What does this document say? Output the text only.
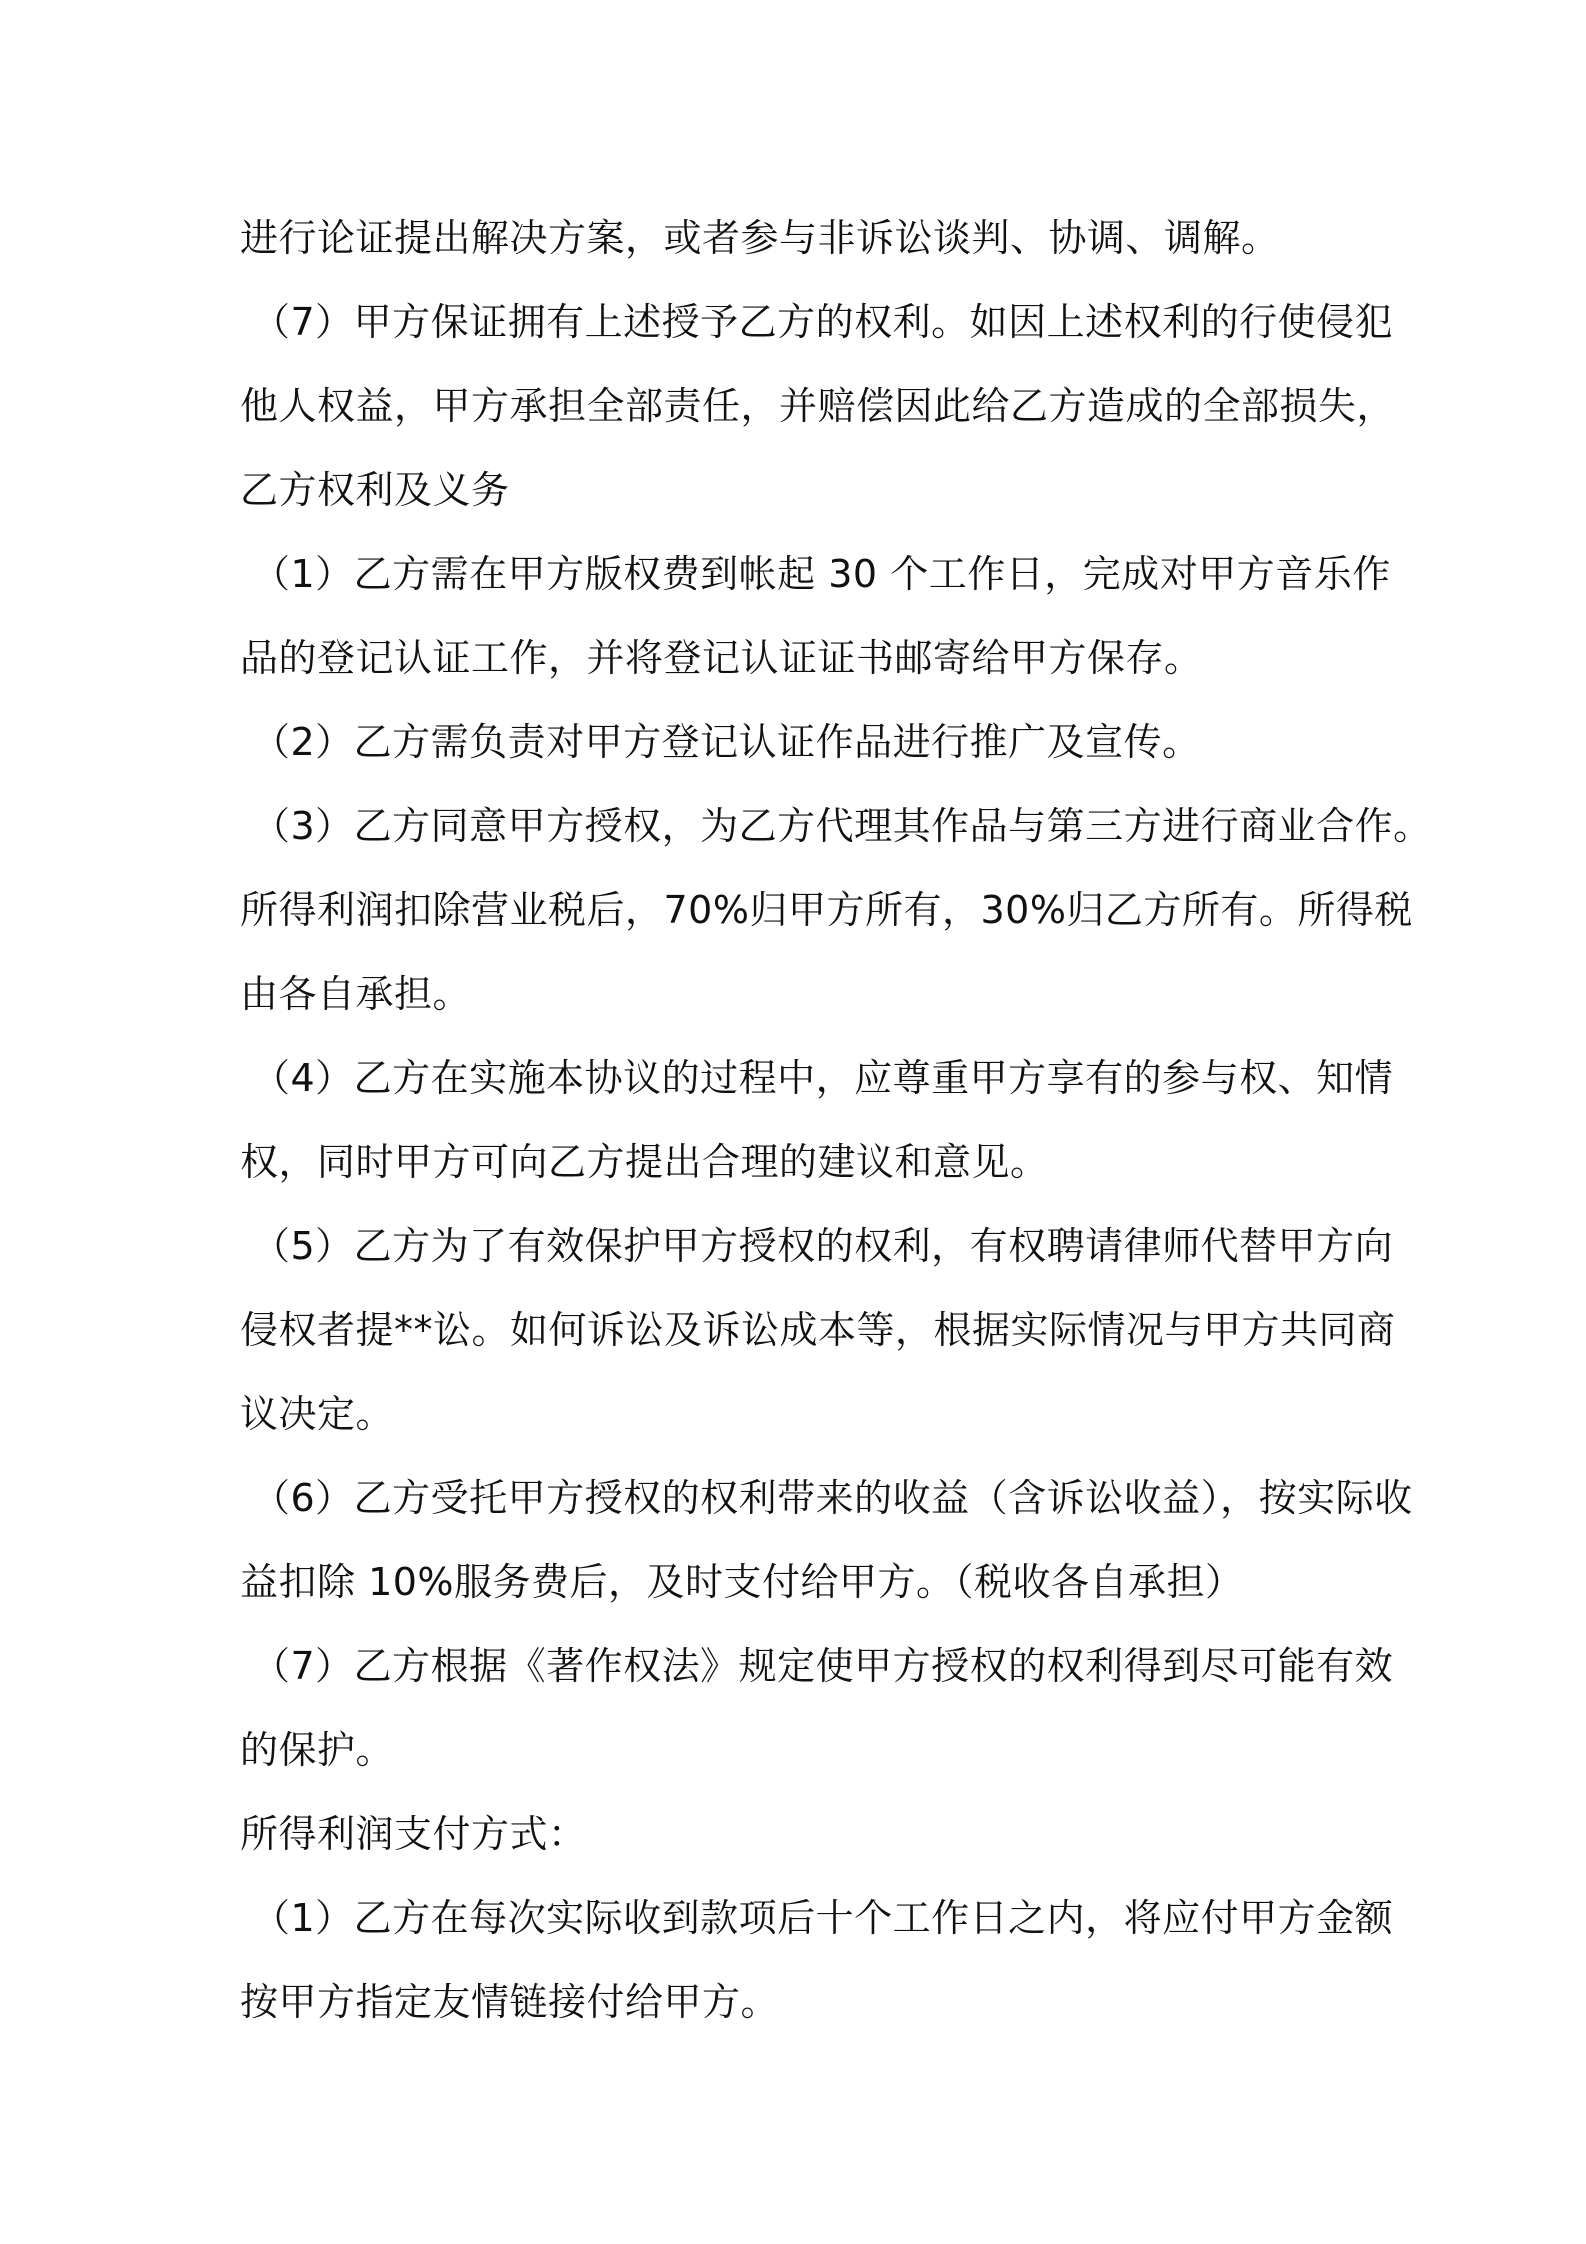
进行论证提出解决方案，或者参与非诉讼谈判、协调、调解。
（7）甲方保证拥有上述授予乙方的权利。如因上述权利的行使侵犯
他人权益，甲方承担全部责任，并赔偿因此给乙方造成的全部损失，
乙方权利及义务
（1）乙方需在甲方版权费到帐起 30 个工作日，完成对甲方音乐作
品的登记认证工作，并将登记认证证书邮寄给甲方保存。
（2）乙方需负责对甲方登记认证作品进行推广及宣传。
（3）乙方同意甲方授权，为乙方代理其作品与第三方进行商业合作。
所得利润扣除营业税后，70%归甲方所有，30%归乙方所有。所得税
由各自承担。
（4）乙方在实施本协议的过程中，应尊重甲方享有的参与权、知情
权，同时甲方可向乙方提出合理的建议和意见。
（5）乙方为了有效保护甲方授权的权利，有权聘请律师代替甲方向
侵权者提**讼。如何诉讼及诉讼成本等，根据实际情况与甲方共同商
议决定。
（6）乙方受托甲方授权的权利带来的收益（含诉讼收益），按实际收
益扣除 10%服务费后，及时支付给甲方。（税收各自承担）
（7）乙方根据《著作权法》规定使甲方授权的权利得到尽可能有效
的保护。
所得利润支付方式：
（1）乙方在每次实际收到款项后十个工作日之内，将应付甲方金额
按甲方指定友情链接付给甲方。
